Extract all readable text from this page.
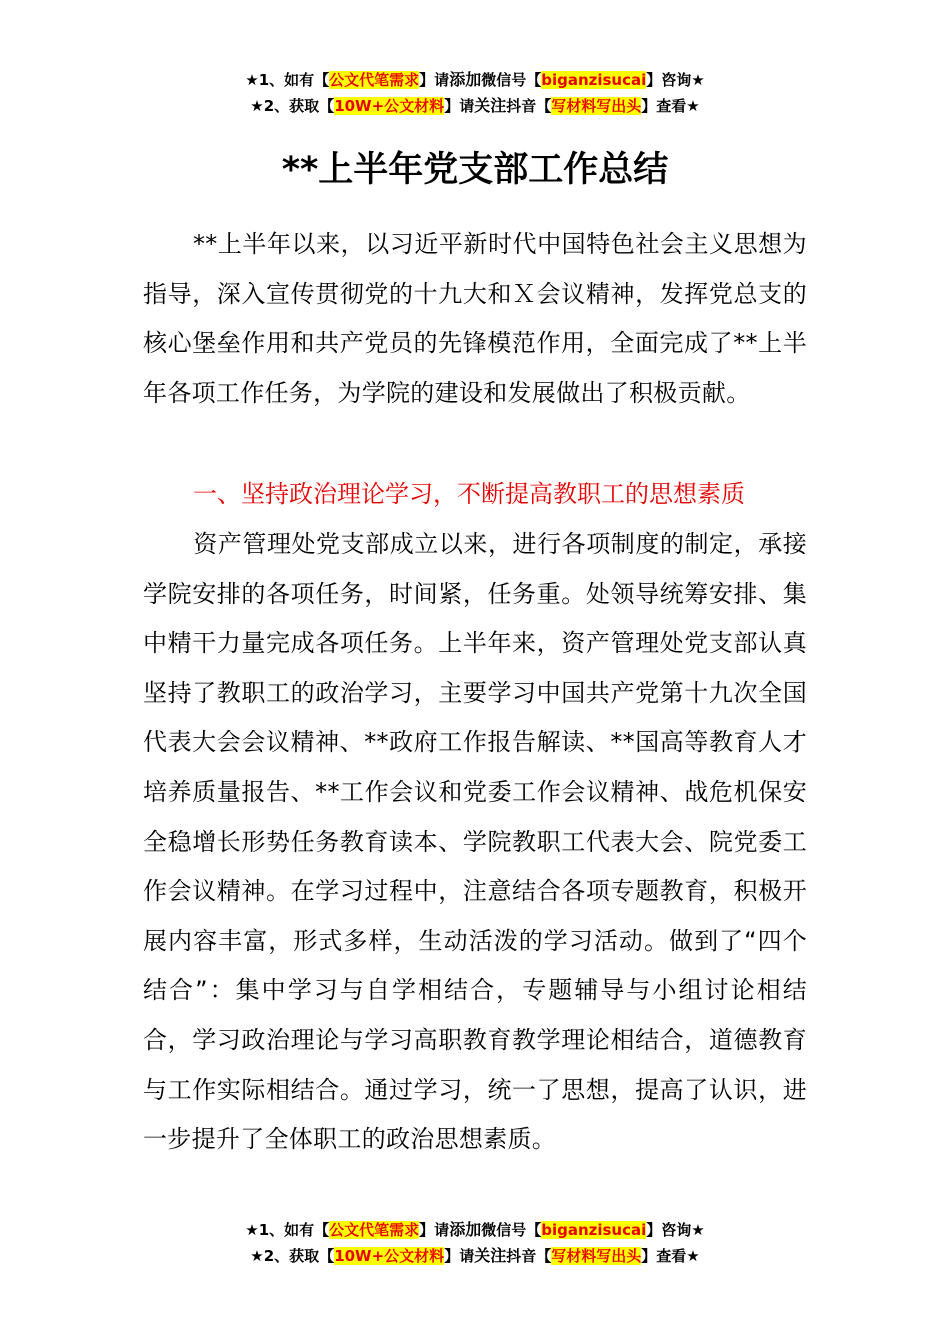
★1、如有【公文代笔需求】请添加微信号【biganzisucai】咨询★
★2、获取【10W+公文材料】请关注抖音【写材料写出头】查看★
**上半年党支部工作总结

**上半年以来，以习近平新时代中国特色社会主义思想为指导，深入宣传贯彻党的十九大和Ｘ会议精神，发挥党总支的核心堡垒作用和共产党员的先锋模范作用，全面完成了**上半年各项工作任务，为学院的建设和发展做出了积极贡献。

一、坚持政治理论学习，不断提高教职工的思想素质

资产管理处党支部成立以来，进行各项制度的制定，承接学院安排的各项任务，时间紧，任务重。处领导统筹安排、集中精干力量完成各项任务。上半年来，资产管理处党支部认真坚持了教职工的政治学习，主要学习中国共产党第十九次全国代表大会会议精神、**政府工作报告解读、**国高等教育人才培养质量报告、**工作会议和党委工作会议精神、战危机保安全稳增长形势任务教育读本、学院教职工代表大会、院党委工作会议精神。在学习过程中，注意结合各项专题教育，积极开展内容丰富，形式多样，生动活泼的学习活动。做到了“四个结合”：集中学习与自学相结合，专题辅导与小组讨论相结合，学习政治理论与学习高职教育教学理论相结合，道德教育与工作实际相结合。通过学习，统一了思想，提高了认识，进一步提升了全体职工的政治思想素质。

★1、如有【公文代笔需求】请添加微信号【biganzisucai】咨询★
★2、获取【10W+公文材料】请关注抖音【写材料写出头】查看★
